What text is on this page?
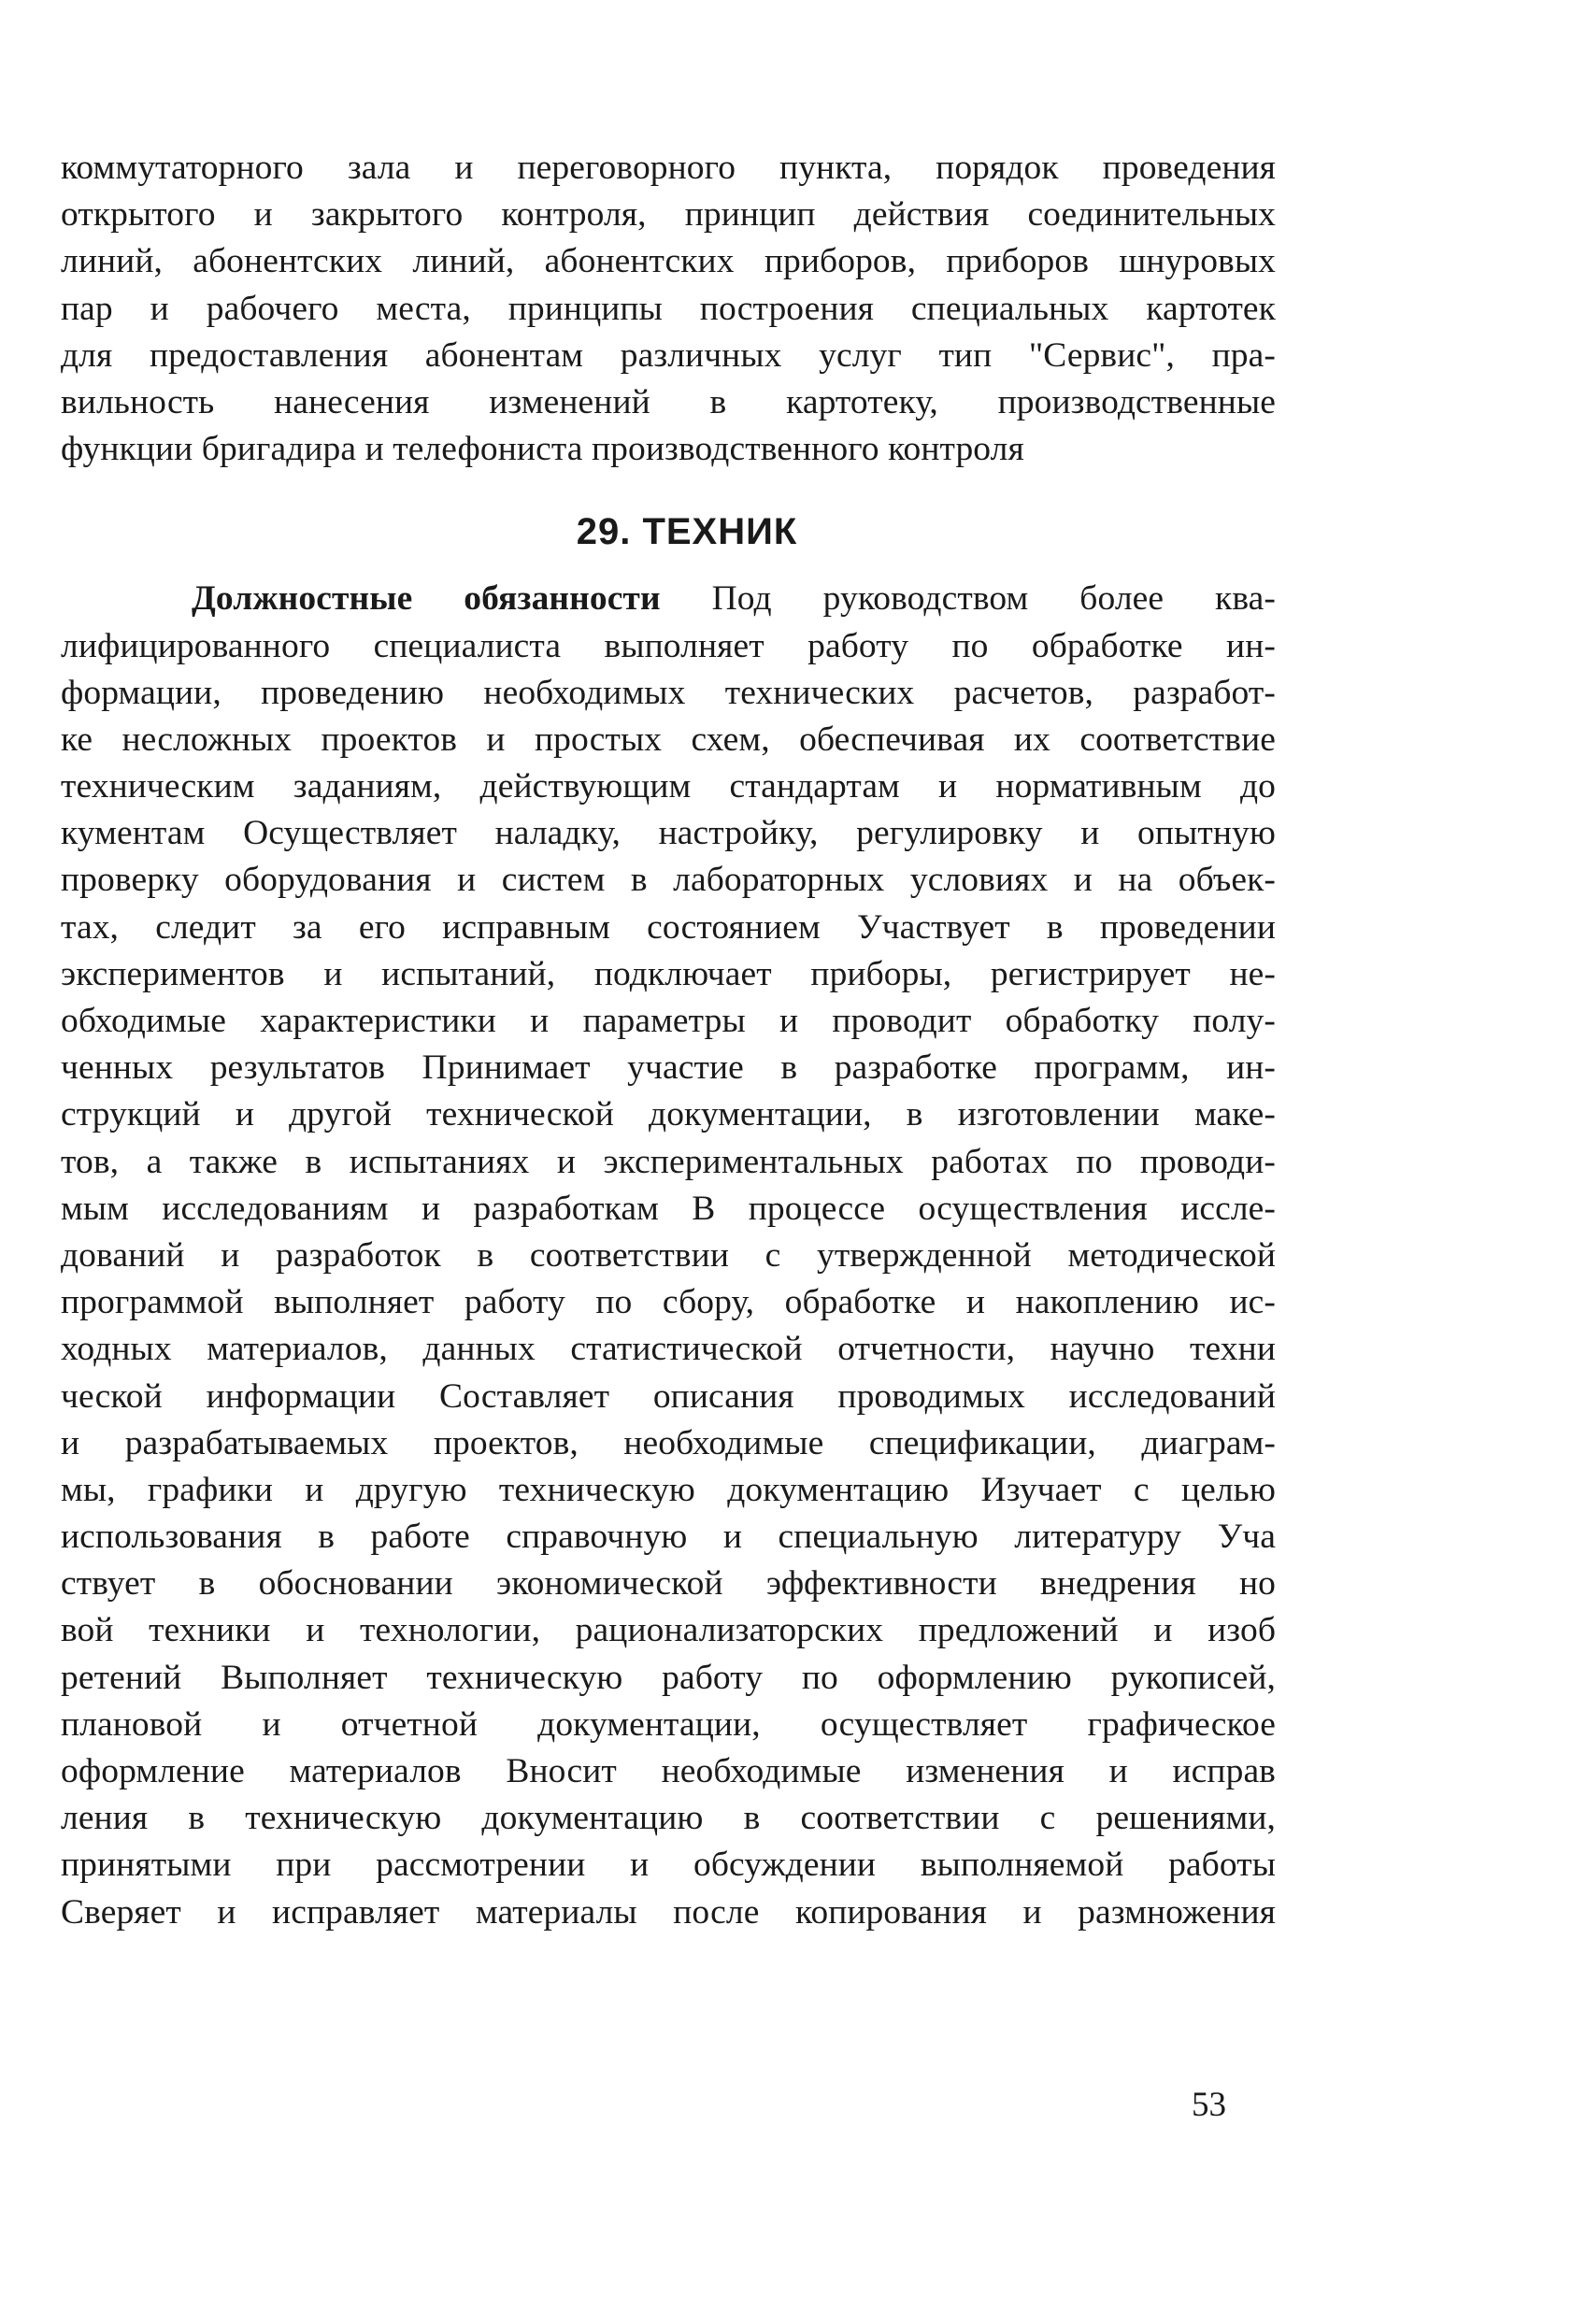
коммутаторного зала и переговорного пункта, порядок проведения
открытого и закрытого контроля, принцип действия соединительных
линий, абонентских линий, абонентских приборов, приборов шнуровых
пар и рабочего места, принципы построения специальных картотек
для предоставления абонентам различных услуг тип "Сервис", пра-
вильность нанесения изменений в картотеку, производственные
функции бригадира и телефониста производственного контроля
29. ТЕХНИК
Должностные обязанности Под руководством более ква-
лифицированного специалиста выполняет работу по обработке ин-
формации, проведению необходимых технических расчетов, разработ-
ке несложных проектов и простых схем, обеспечивая их соответствие
техническим заданиям, действующим стандартам и нормативным до
кументам Осуществляет наладку, настройку, регулировку и опытную
проверку оборудования и систем в лабораторных условиях и на объек-
тах, следит за его исправным состоянием Участвует в проведении
экспериментов и испытаний, подключает приборы, регистрирует не-
обходимые характеристики и параметры и проводит обработку полу-
ченных результатов Принимает участие в разработке программ, ин-
струкций и другой технической документации, в изготовлении маке-
тов, а также в испытаниях и экспериментальных работах по проводи-
мым исследованиям и разработкам В процессе осуществления иссле-
дований и разработок в соответствии с утвержденной методической
программой выполняет работу по сбору, обработке и накоплению ис-
ходных материалов, данных статистической отчетности, научно техни
ческой информации Составляет описания проводимых исследований
и разрабатываемых проектов, необходимые спецификации, диаграм-
мы, графики и другую техническую документацию Изучает с целью
использования в работе справочную и специальную литературу Уча
ствует в обосновании экономической эффективности внедрения но
вой техники и технологии, рационализаторских предложений и изоб
ретений Выполняет техническую работу по оформлению рукописей,
плановой и отчетной документации, осуществляет графическое
оформление материалов Вносит необходимые изменения и исправ
ления в техническую документацию в соответствии с решениями,
принятыми при рассмотрении и обсуждении выполняемой работы
Сверяет и исправляет материалы после копирования и размножения
53
